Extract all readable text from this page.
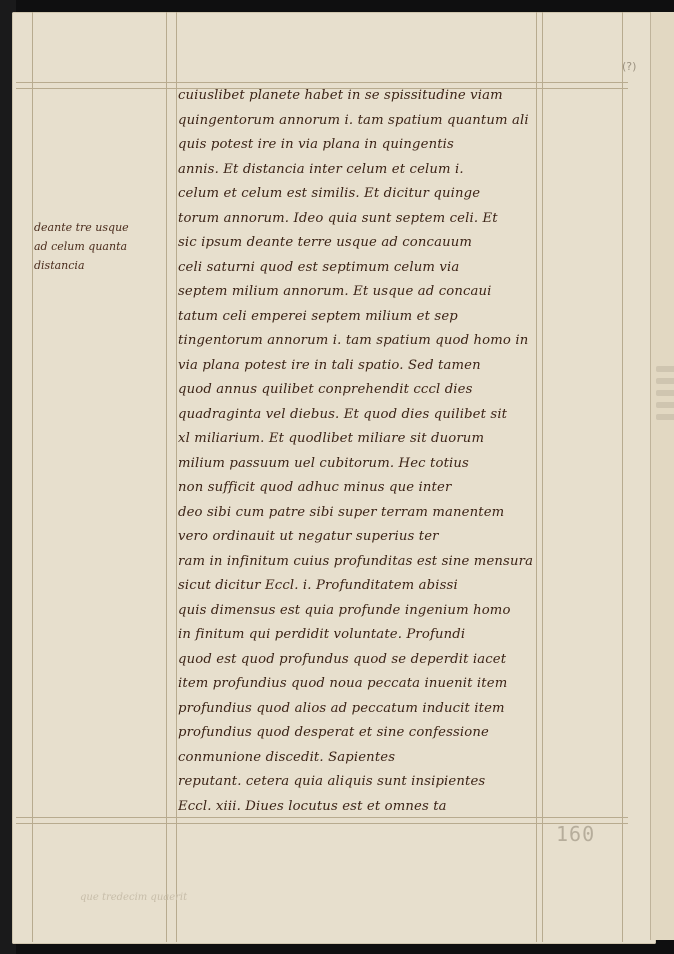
(?)
deante tre usque
ad celum quanta
distancia
cuiuslibet planete habet in se spissitudine viam
quingentorum annorum i. tam spatium quantum ali
quis potest ire in via plana in quingentis
annis. Et distancia inter celum et celum i.
celum et celum est similis. Et dicitur quinge
torum annorum. Ideo quia sunt septem celi. Et
sic ipsum deante terre usque ad concauum
celi saturni quod est septimum celum via
septem milium annorum. Et usque ad concaui
tatum celi emperei septem milium et sep
tingentorum annorum i. tam spatium quod homo in
via plana potest ire in tali spatio. Sed tamen
quod annus quilibet conprehendit cccl dies
quadraginta vel diebus. Et quod dies quilibet sit
xl miliarium. Et quodlibet miliare sit duorum
milium passuum uel cubitorum. Hec totius
non sufficit quod adhuc minus que inter
deo sibi cum patre sibi super terram manentem
vero ordinauit ut negatur superius ter
ram in infinitum cuius profunditas est sine mensura
sicut dicitur Eccl. i. Profunditatem abissi
quis dimensus est quia profunde ingenium homo
in finitum qui perdidit voluntate. Profundi
quod est quod profundus quod se deperdit iacet
item profundius quod noua peccata inuenit item
profundius quod alios ad peccatum inducit item
profundius quod desperat et sine confessione
conmunione discedit. Sapientes
reputant. cetera quia aliquis sunt insipientes
Eccl. xiii. Diues locutus est et omnes ta
160
que tredecim quaerit
